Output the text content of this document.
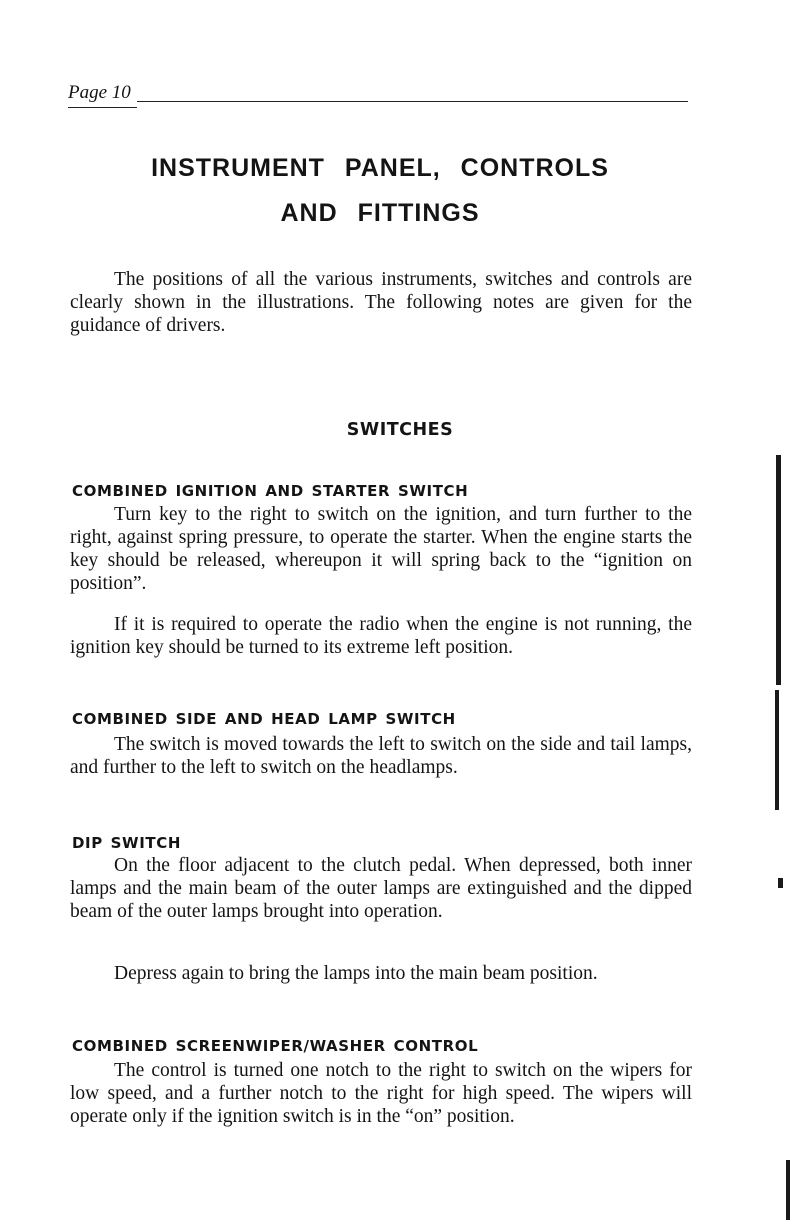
Page 10
INSTRUMENT PANEL, CONTROLS
AND FITTINGS

The positions of all the various instruments, switches and controls are clearly shown in the illustrations. The following notes are given for the guidance of drivers.

SWITCHES
COMBINED IGNITION AND STARTER SWITCH

Turn key to the right to switch on the ignition, and turn further to the right, against spring pressure, to operate the starter. When the engine starts the key should be released, whereupon it will spring back to the “ignition on position”.

If it is required to operate the radio when the engine is not running, the ignition key should be turned to its extreme left position.

COMBINED SIDE AND HEAD LAMP SWITCH

The switch is moved towards the left to switch on the side and tail lamps, and further to the left to switch on the headlamps.

DIP SWITCH

On the floor adjacent to the clutch pedal. When depressed, both inner lamps and the main beam of the outer lamps are extinguished and the dipped beam of the outer lamps brought into operation.

Depress again to bring the lamps into the main beam position.

COMBINED SCREENWIPER/WASHER CONTROL

The control is turned one notch to the right to switch on the wipers for low speed, and a further notch to the right for high speed. The wipers will operate only if the ignition switch is in the “on” position.
